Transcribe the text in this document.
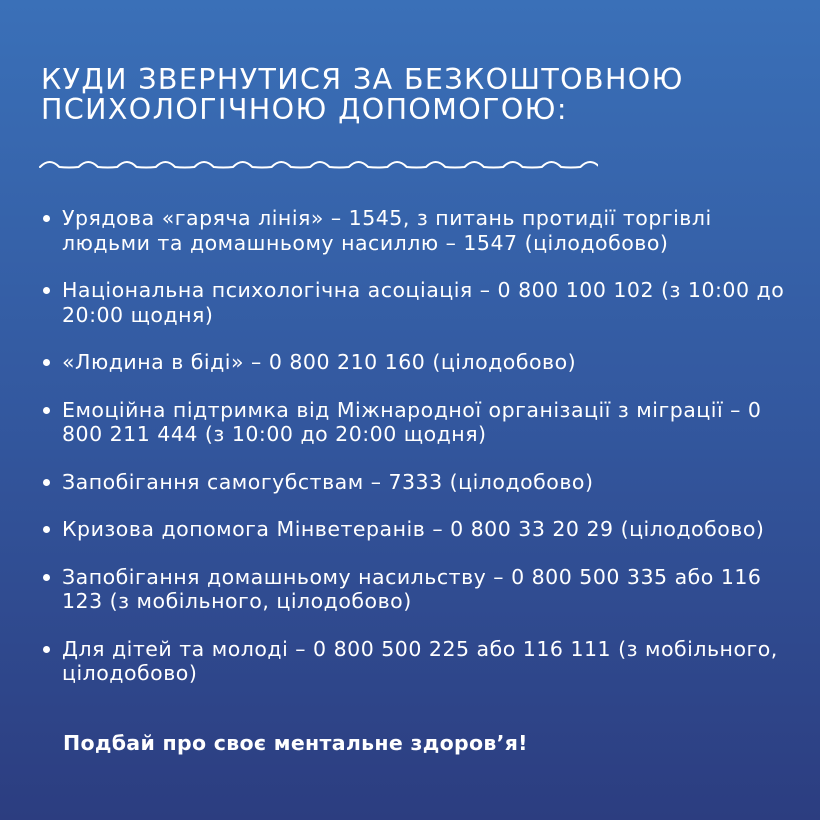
КУДИ ЗВЕРНУТИСЯ ЗА БЕЗКОШТОВНОЮ
ПСИХОЛОГІЧНОЮ ДОПОМОГОЮ:
Урядова «гаряча лінія» – 1545, з питань протидії торгівлі людьми та домашньому насиллю – 1547 (цілодобово)
Національна психологічна асоціація – 0 800 100 102 (з 10:00 до 20:00 щодня)
«Людина в біді» – 0 800 210 160 (цілодобово)
Емоційна підтримка від Міжнародної організації з міграції – 0 800 211 444 (з 10:00 до 20:00 щодня)
Запобігання самогубствам – 7333 (цілодобово)
Кризова допомога Мінветеранів – 0 800 33 20 29 (цілодобово)
Запобігання домашньому насильству – 0 800 500 335 або 116 123 (з мобільного, цілодобово)
Для дітей та молоді – 0 800 500 225 або 116 111 (з мобільного, цілодобово)

Подбай про своє ментальне здоров’я!
